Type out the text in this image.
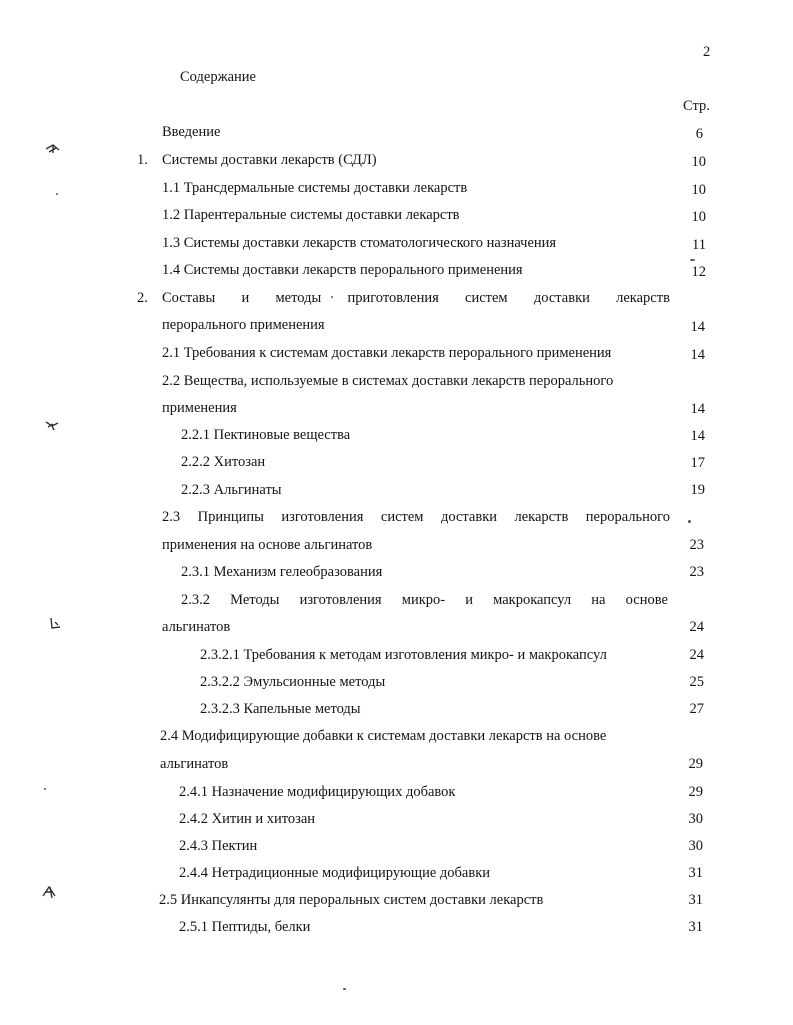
2
Содержание
Стр.
Введение	6
1. Системы доставки лекарств (СДЛ)	10
1.1 Трансдермальные системы доставки лекарств	10
1.2 Парентеральные системы доставки лекарств	10
1.3 Системы доставки лекарств стоматологического назначения	11
1.4 Системы доставки лекарств перорального применения	12
2. Составы и методы приготовления систем доставки лекарств
перорального применения	14
2.1 Требования к системам доставки лекарств перорального применения	14
2.2 Вещества, используемые в системах доставки лекарств перорального
применения	14
2.2.1 Пектиновые вещества	14
2.2.2 Хитозан	17
2.2.3 Альгинаты	19
2.3 Принципы изготовления систем доставки лекарств перорального
применения на основе альгинатов	23
2.3.1 Механизм гелеобразования	23
2.3.2 Методы изготовления микро- и макрокапсул на основе
альгинатов	24
2.3.2.1 Требования к методам изготовления микро- и макрокапсул	24
2.3.2.2 Эмульсионные методы	25
2.3.2.3 Капельные методы	27
2.4 Модифицирующие добавки к системам доставки лекарств на основе
альгинатов	29
2.4.1 Назначение модифицирующих добавок	29
2.4.2 Хитин и хитозан	30
2.4.3 Пектин	30
2.4.4 Нетрадиционные модифицирующие добавки	31
2.5 Инкапсулянты для пероральных систем доставки лекарств	31
2.5.1 Пептиды, белки	31
